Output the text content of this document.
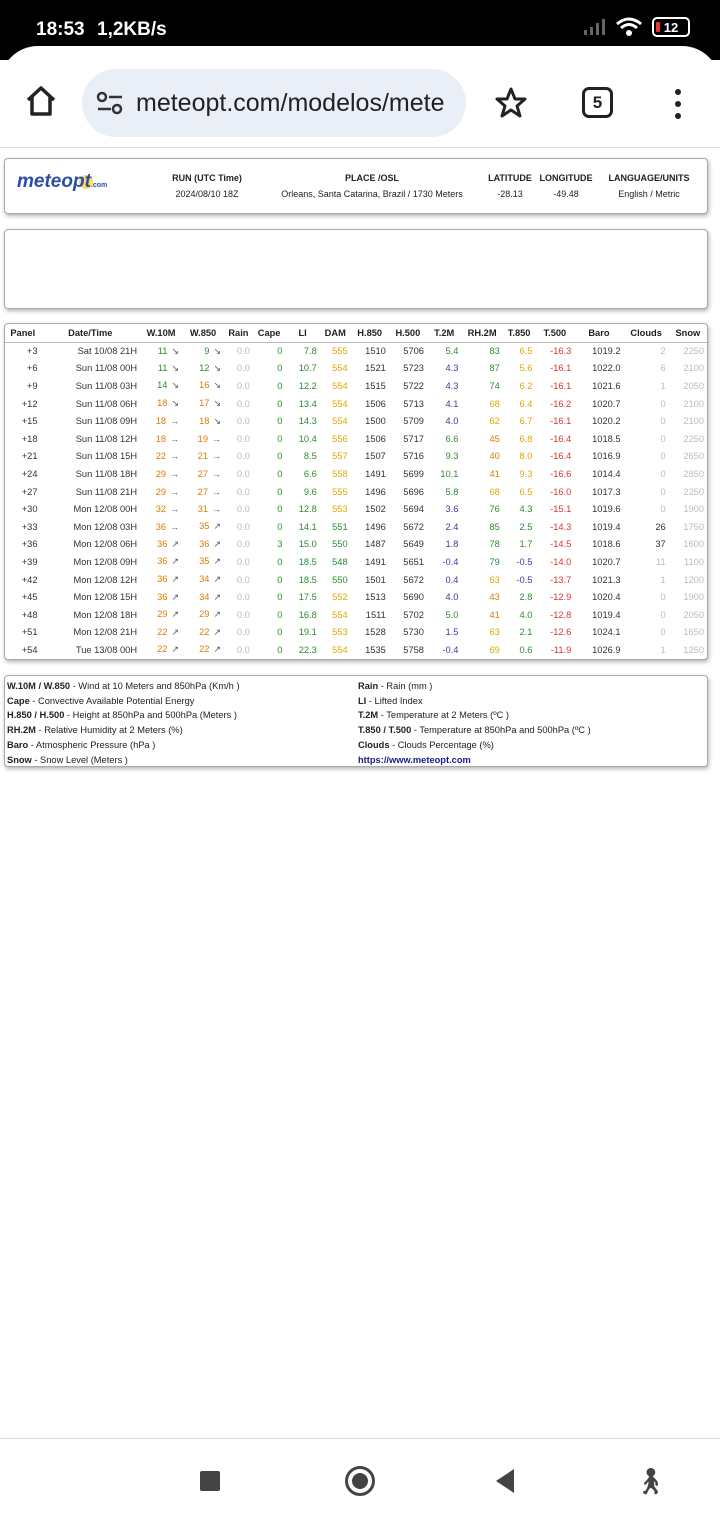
18:53 1,2KB/s	12
meteopt.com/modelos/mete	5
meteopt.com
RUN (UTC Time)
2024/08/10 18Z
PLACE /OSL
Orleans, Santa Catarina, Brazil / 1730 Meters
LATITUDE
-28.13
LONGITUDE
-49.48
LANGUAGE/UNITS
English / Metric
Panel	Date/Time	W.10M	W.850	Rain	Cape	LI	DAM	H.850	H.500	T.2M	RH.2M	T.850	T.500	Baro	Clouds	Snow
+3	Sat 10/08 21H	11 ↘	9 ↘	0.0	0	7.8	555	1510	5706	5.4	83	6.5	-16.3	1019.2	2	2250
+6	Sun 11/08 00H	11 ↘	12 ↘	0.0	0	10.7	554	1521	5723	4.3	87	5.6	-16.1	1022.0	6	2100
+9	Sun 11/08 03H	14 ↘	16 ↘	0.0	0	12.2	554	1515	5722	4.3	74	6.2	-16.1	1021.6	1	2050
+12	Sun 11/08 06H	18 ↘	17 ↘	0.0	0	13.4	554	1506	5713	4.1	68	6.4	-16.2	1020.7	0	2100
+15	Sun 11/08 09H	18 →	18 ↘	0.0	0	14.3	554	1500	5709	4.0	62	6.7	-16.1	1020.2	0	2100
+18	Sun 11/08 12H	18 →	19 →	0.0	0	10.4	556	1506	5717	6.6	45	6.8	-16.4	1018.5	0	2250
+21	Sun 11/08 15H	22 →	21 →	0.0	0	8.5	557	1507	5716	9.3	40	8.0	-16.4	1016.9	0	2650
+24	Sun 11/08 18H	29 →	27 →	0.0	0	6.6	558	1491	5699	10.1	41	9.3	-16.6	1014.4	0	2850
+27	Sun 11/08 21H	29 →	27 →	0.0	0	9.6	555	1496	5696	5.8	68	6.5	-16.0	1017.3	0	2250
+30	Mon 12/08 00H	32 →	31 →	0.0	0	12.8	553	1502	5694	3.6	76	4.3	-15.1	1019.6	0	1900
+33	Mon 12/08 03H	36 →	35 ↗	0.0	0	14.1	551	1496	5672	2.4	85	2.5	-14.3	1019.4	26	1750
+36	Mon 12/08 06H	36 ↗	36 ↗	0.0	3	15.0	550	1487	5649	1.8	78	1.7	-14.5	1018.6	37	1600
+39	Mon 12/08 09H	36 ↗	35 ↗	0.0	0	18.5	548	1491	5651	-0.4	79	-0.5	-14.0	1020.7	11	1100
+42	Mon 12/08 12H	36 ↗	34 ↗	0.0	0	18.5	550	1501	5672	0.4	63	-0.5	-13.7	1021.3	1	1200
+45	Mon 12/08 15H	36 ↗	34 ↗	0.0	0	17.5	552	1513	5690	4.0	43	2.8	-12.9	1020.4	0	1900
+48	Mon 12/08 18H	29 ↗	29 ↗	0.0	0	16.8	554	1511	5702	5.0	41	4.0	-12.8	1019.4	0	2050
+51	Mon 12/08 21H	22 ↗	22 ↗	0.0	0	19.1	553	1528	5730	1.5	63	2.1	-12.6	1024.1	0	1650
+54	Tue 13/08 00H	22 ↗	22 ↗	0.0	0	22.3	554	1535	5758	-0.4	69	0.6	-11.9	1026.9	1	1250
W.10M / W.850 - Wind at 10 Meters and 850hPa (Km/h )
Cape - Convective Available Potential Energy
H.850 / H.500 - Height at 850hPa and 500hPa (Meters )
RH.2M - Relative Humidity at 2 Meters (%)
Baro - Atmospheric Pressure (hPa )
Snow - Snow Level (Meters )
Rain - Rain (mm )
LI - Lifted Index
T.2M - Temperature at 2 Meters (ºC )
T.850 / T.500 - Temperature at 850hPa and 500hPa (ºC )
Clouds - Clouds Percentage (%)
https://www.meteopt.com
🚶︎
